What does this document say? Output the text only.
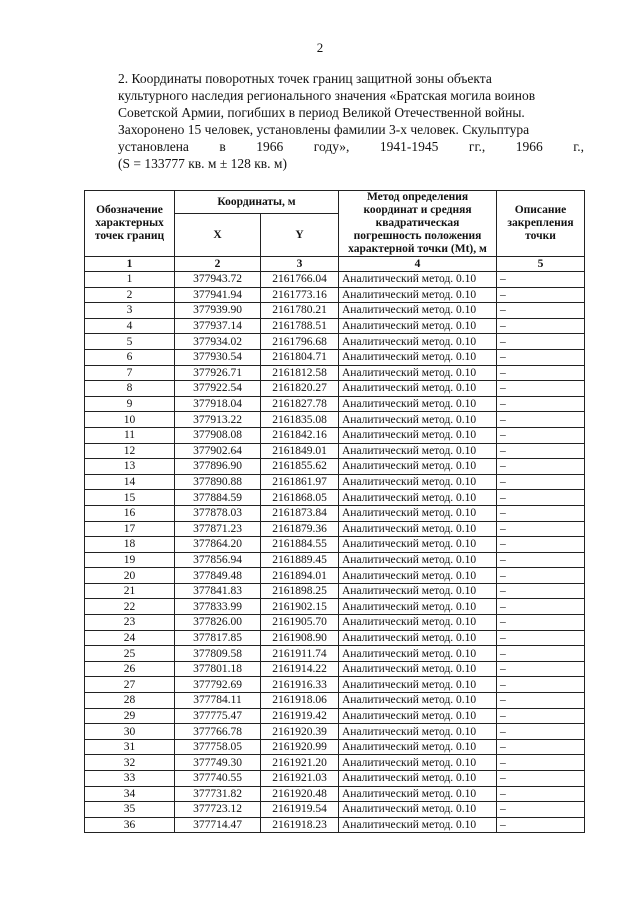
2
2. Координаты поворотных точек границ защитной зоны объекта
культурного наследия регионального значения «Братская могила воинов
Советской Армии, погибших в период Великой Отечественной войны.
Захоронено 15 человек, установлены фамилии 3-х человек. Скульптура
установлена в 1966 году», 1941-1945 гг., 1966 г.,
(S = 133777 кв. м ± 128 кв. м)
Обозначение характерных точек границ	Координаты, м		Метод определения координат и средняя квадратическая погрешность положения характерной точки (Mt), м	Описание закрепления точки
	X	Y		
1	2	3	4	5
1	377943.72	2161766.04	Аналитический метод. 0.10	–
2	377941.94	2161773.16	Аналитический метод. 0.10	–
3	377939.90	2161780.21	Аналитический метод. 0.10	–
4	377937.14	2161788.51	Аналитический метод. 0.10	–
5	377934.02	2161796.68	Аналитический метод. 0.10	–
6	377930.54	2161804.71	Аналитический метод. 0.10	–
7	377926.71	2161812.58	Аналитический метод. 0.10	–
8	377922.54	2161820.27	Аналитический метод. 0.10	–
9	377918.04	2161827.78	Аналитический метод. 0.10	–
10	377913.22	2161835.08	Аналитический метод. 0.10	–
11	377908.08	2161842.16	Аналитический метод. 0.10	–
12	377902.64	2161849.01	Аналитический метод. 0.10	–
13	377896.90	2161855.62	Аналитический метод. 0.10	–
14	377890.88	2161861.97	Аналитический метод. 0.10	–
15	377884.59	2161868.05	Аналитический метод. 0.10	–
16	377878.03	2161873.84	Аналитический метод. 0.10	–
17	377871.23	2161879.36	Аналитический метод. 0.10	–
18	377864.20	2161884.55	Аналитический метод. 0.10	–
19	377856.94	2161889.45	Аналитический метод. 0.10	–
20	377849.48	2161894.01	Аналитический метод. 0.10	–
21	377841.83	2161898.25	Аналитический метод. 0.10	–
22	377833.99	2161902.15	Аналитический метод. 0.10	–
23	377826.00	2161905.70	Аналитический метод. 0.10	–
24	377817.85	2161908.90	Аналитический метод. 0.10	–
25	377809.58	2161911.74	Аналитический метод. 0.10	–
26	377801.18	2161914.22	Аналитический метод. 0.10	–
27	377792.69	2161916.33	Аналитический метод. 0.10	–
28	377784.11	2161918.06	Аналитический метод. 0.10	–
29	377775.47	2161919.42	Аналитический метод. 0.10	–
30	377766.78	2161920.39	Аналитический метод. 0.10	–
31	377758.05	2161920.99	Аналитический метод. 0.10	–
32	377749.30	2161921.20	Аналитический метод. 0.10	–
33	377740.55	2161921.03	Аналитический метод. 0.10	–
34	377731.82	2161920.48	Аналитический метод. 0.10	–
35	377723.12	2161919.54	Аналитический метод. 0.10	–
36	377714.47	2161918.23	Аналитический метод. 0.10	–
